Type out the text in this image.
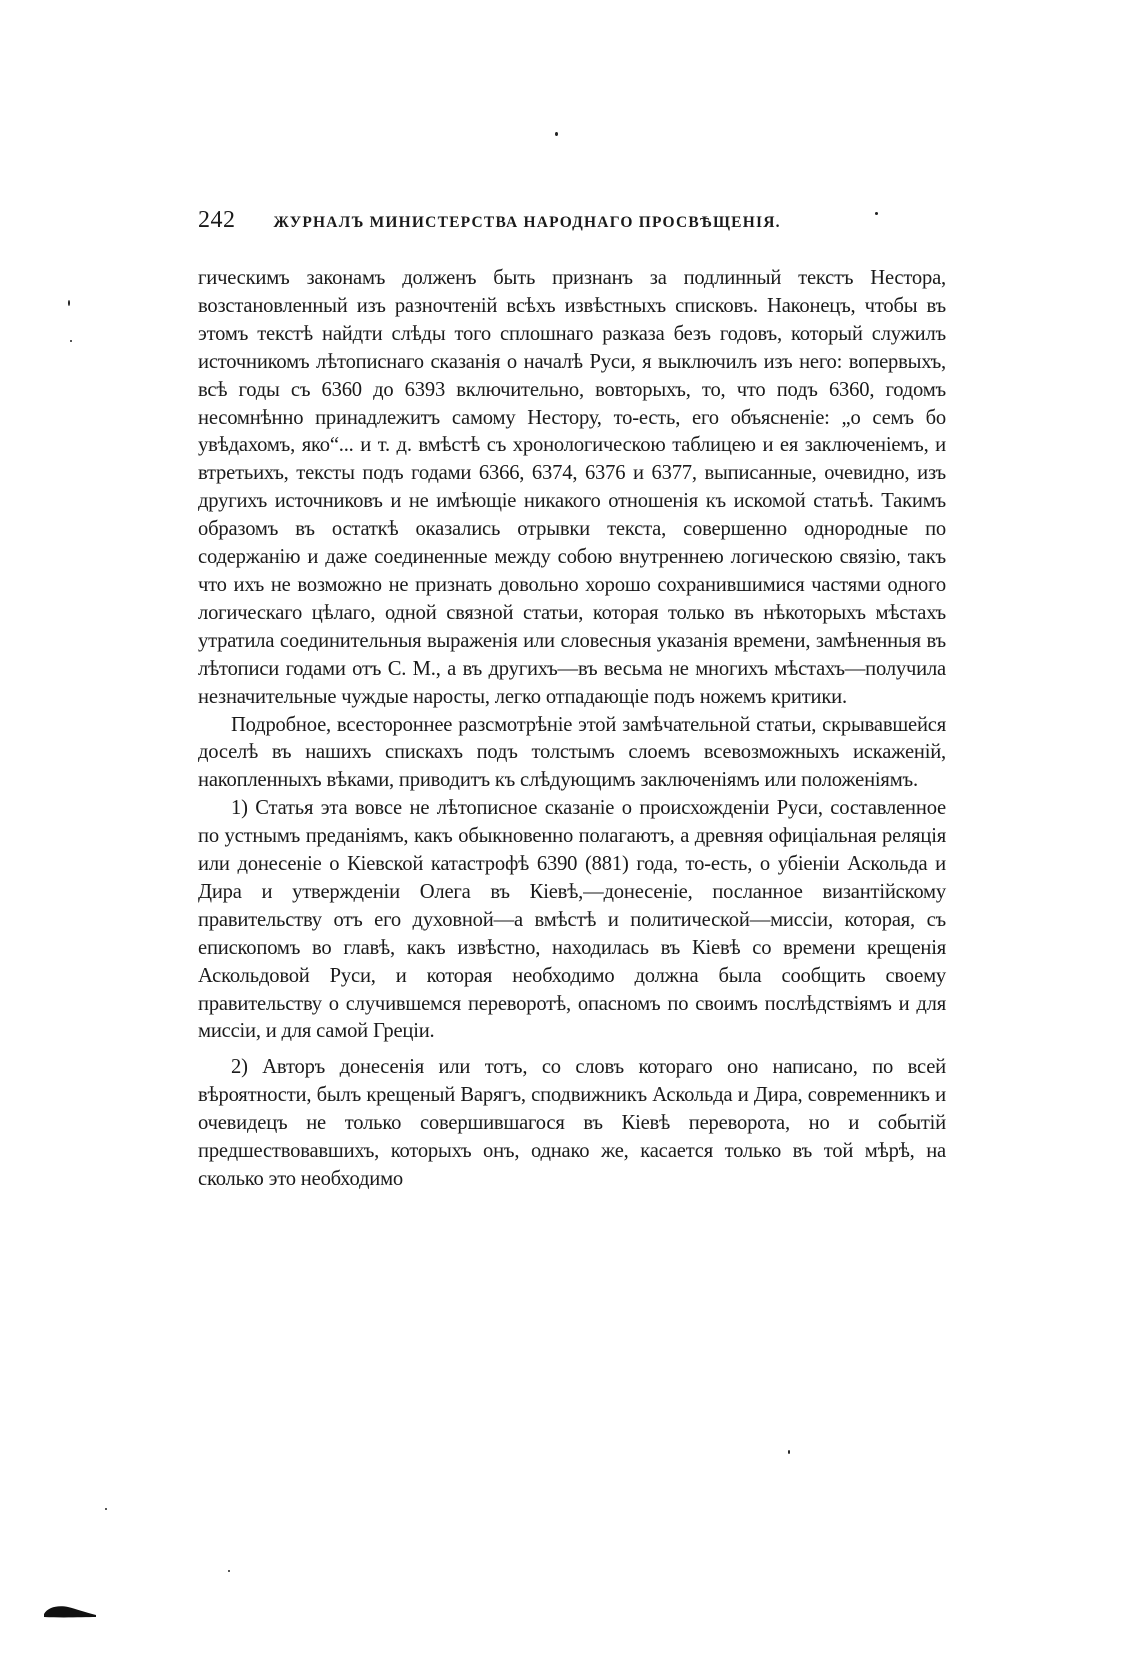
242 ЖУРНАЛЪ МИНИСТЕРСТВА НАРОДНАГО ПРОСВѢЩЕНІЯ.

гическимъ законамъ долженъ быть признанъ за подлинный текстъ Нестора, возстановленный изъ разночтеній всѣхъ извѣстныхъ списковъ. Наконецъ, чтобы въ этомъ текстѣ найдти слѣды того сплошнаго разказа безъ годовъ, который служилъ источникомъ лѣтописнаго сказанія о началѣ Руси, я выключилъ изъ него: вопервыхъ, всѣ годы съ 6360 до 6393 включительно, вовторыхъ, то, что подъ 6360, годомъ несомнѣнно принадлежитъ самому Нестору, то-есть, его объясненіе: „о семъ бо увѣдахомъ, яко“... и т. д. вмѣстѣ съ хронологическою таблицею и ея заключеніемъ, и втретьихъ, тексты подъ годами 6366, 6374, 6376 и 6377, выписанные, очевидно, изъ другихъ источниковъ и не имѣющіе никакого отношенія къ искомой статьѣ. Такимъ образомъ въ остаткѣ оказались отрывки текста, совершенно однородные по содержанію и даже соединенные между собою внутреннею логическою связію, такъ что ихъ не возможно не признать довольно хорошо сохранившимися частями одного логическаго цѣлаго, одной связной статьи, которая только въ нѣкоторыхъ мѣстахъ утратила соединительныя выраженія или словесныя указанія времени, замѣненныя въ лѣтописи годами отъ С. М., а въ другихъ—въ весьма не многихъ мѣстахъ—получила незначительные чуждые наросты, легко отпадающіе подъ ножемъ критики.

Подробное, всестороннее разсмотрѣніе этой замѣчательной статьи, скрывавшейся доселѣ въ нашихъ спискахъ подъ толстымъ слоемъ всевозможныхъ искаженій, накопленныхъ вѣками, приводитъ къ слѣдующимъ заключеніямъ или положеніямъ.

1) Статья эта вовсе не лѣтописное сказаніе о происхожденіи Руси, составленное по устнымъ преданіямъ, какъ обыкновенно полагаютъ, а древняя офиціальная реляція или донесеніе о Кіевской катастрофѣ 6390 (881) года, то-есть, о убіеніи Аскольда и Дира и утвержденіи Олега въ Кіевѣ,—донесеніе, посланное византійскому правительству отъ его духовной—а вмѣстѣ и политической—миссіи, которая, съ епископомъ во главѣ, какъ извѣстно, находилась въ Кіевѣ со времени крещенія Аскольдовой Руси, и которая необходимо должна была сообщить своему правительству о случившемся переворотѣ, опасномъ по своимъ послѣдствіямъ и для миссіи, и для самой Греціи.

2) Авторъ донесенія или тотъ, со словъ котораго оно написано, по всей вѣроятности, былъ крещеный Варягъ, сподвижникъ Аскольда и Дира, современникъ и очевидецъ не только совершившагося въ Кіевѣ переворота, но и событій предшествовавшихъ, которыхъ онъ, однако же, касается только въ той мѣрѣ, на сколько это необходимо
